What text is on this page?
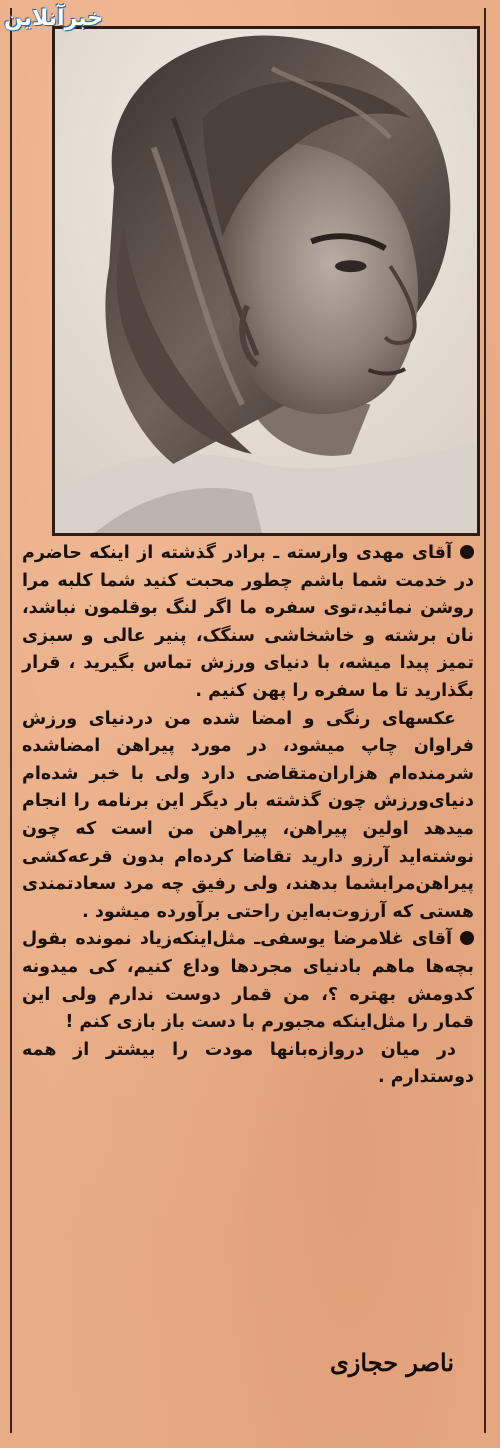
خبرآنلاین
ناصر حجازی

آقای مهدی وارسته ـ برادر گذشته از اینکه حاضرم در خدمت شما باشم چطور محبت کنید شما کلبه مرا روشن نمائید،توی سفره ما اگر لنگ بوقلمون نباشد، نان برشته و خاشخاشی سنگک، پنیر عالی و سبزی تمیز پیدا میشه، با دنیای ورزش تماس بگیرید ، قرار بگذارید تا ما سفره را پهن کنیم .

عکسهای رنگی و امضا شده من دردنیای ورزش فراوان چاپ میشود، در مورد پیراهن امضاشده شرمنده‌ام هزاران‌متقاضی دارد ولی با خبر شده‌ام دنیای‌ورزش چون گذشته بار دیگر این برنامه را انجام میدهد اولین پیراهن، پیراهن من است که چون نوشته‌اید آرزو دارید تقاضا کرده‌ام بدون قرعه‌کشی پیراهن‌مرابشما بدهند، ولی رفیق چه مرد سعادتمندی هستی که آرزوت‌به‌این راحتی برآورده میشود .

آقای غلامرضا یوسفی‌ـ مثل‌اینکه‌زیاد نمونده بقول بچه‌ها ماهم بادنیای مجردها وداع کنیم، کی میدونه کدومش بهتره ؟، من قمار دوست ندارم ولی این قمار را مثل‌اینکه مجبورم با دست باز بازی کنم !

در میان دروازه‌بانها مودت را بیشتر از همه دوستدارم .
